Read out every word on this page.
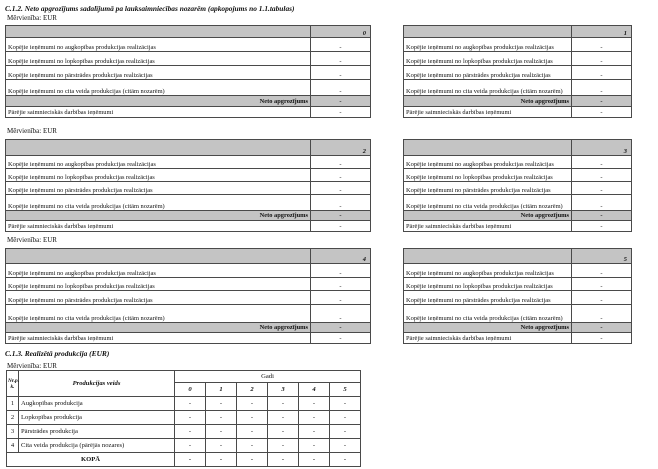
C.1.2. Neto apgrozījums sadalījumā pa lauksaimniecības nozarēm (apkopojums no 1.1.tabulas)
Mērvienība: EUR
	0
Kopējie ieņēmumi no augkopības produkcijas realizācijas	-
Kopējie ieņēmumi no lopkopības produkcijas realizācijas	-
Kopējie ieņēmumi no pārstrādes produkcijas realizācijas	-
Kopējie ieņēmumi no cita veida produkcijas (citām nozarēm)	-
Neto apgrozījums	-
Pārējie saimnieciskās darbības ieņēmumi	-
	1
Kopējie ieņēmumi no augkopības produkcijas realizācijas	-
Kopējie ieņēmumi no lopkopības produkcijas realizācijas	-
Kopējie ieņēmumi no pārstrādes produkcijas realizācijas	-
Kopējie ieņēmumi no cita veida produkcijas (citām nozarēm)	-
Neto apgrozījums	-
Pārējie saimnieciskās darbības ieņēmumi	-
Mērvienība: EUR
	2
Kopējie ieņēmumi no augkopības produkcijas realizācijas	-
Kopējie ieņēmumi no lopkopības produkcijas realizācijas	-
Kopējie ieņēmumi no pārstrādes produkcijas realizācijas	-
Kopējie ieņēmumi no cita veida produkcijas (citām nozarēm)	-
Neto apgrozījums	-
Pārējie saimnieciskās darbības ieņēmumi	-
	3
Kopējie ieņēmumi no augkopības produkcijas realizācijas	-
Kopējie ieņēmumi no lopkopības produkcijas realizācijas	-
Kopējie ieņēmumi no pārstrādes produkcijas realizācijas	-
Kopējie ieņēmumi no cita veida produkcijas (citām nozarēm)	-
Neto apgrozījums	-
Pārējie saimnieciskās darbības ieņēmumi	-
Mērvienība: EUR
	4
Kopējie ieņēmumi no augkopības produkcijas realizācijas	-
Kopējie ieņēmumi no lopkopības produkcijas realizācijas	-
Kopējie ieņēmumi no pārstrādes produkcijas realizācijas	-
Kopējie ieņēmumi no cita veida produkcijas (citām nozarēm)	-
Neto apgrozījums	-
Pārējie saimnieciskās darbības ieņēmumi	-
	5
Kopējie ieņēmumi no augkopības produkcijas realizācijas	-
Kopējie ieņēmumi no lopkopības produkcijas realizācijas	-
Kopējie ieņēmumi no pārstrādes produkcijas realizācijas	-
Kopējie ieņēmumi no cita veida produkcijas (citām nozarēm)	-
Neto apgrozījums	-
Pārējie saimnieciskās darbības ieņēmumi	-
C.1.3. Realizētā produkcija (EUR)
Mērvienība: EUR
Nr.p. k.	Produkcijas veids	Gadi					
		0	1	2	3	4	5
1	Augkopības produkcija	-	-	-	-	-	-
2	Lopkopības produkcija	-	-	-	-	-	-
3	Pārstrādes produkcija	-	-	-	-	-	-
4	Cita veida produkcija (pārējās nozares)	-	-	-	-	-	-
KOPĀ		-	-	-	-	-	-
